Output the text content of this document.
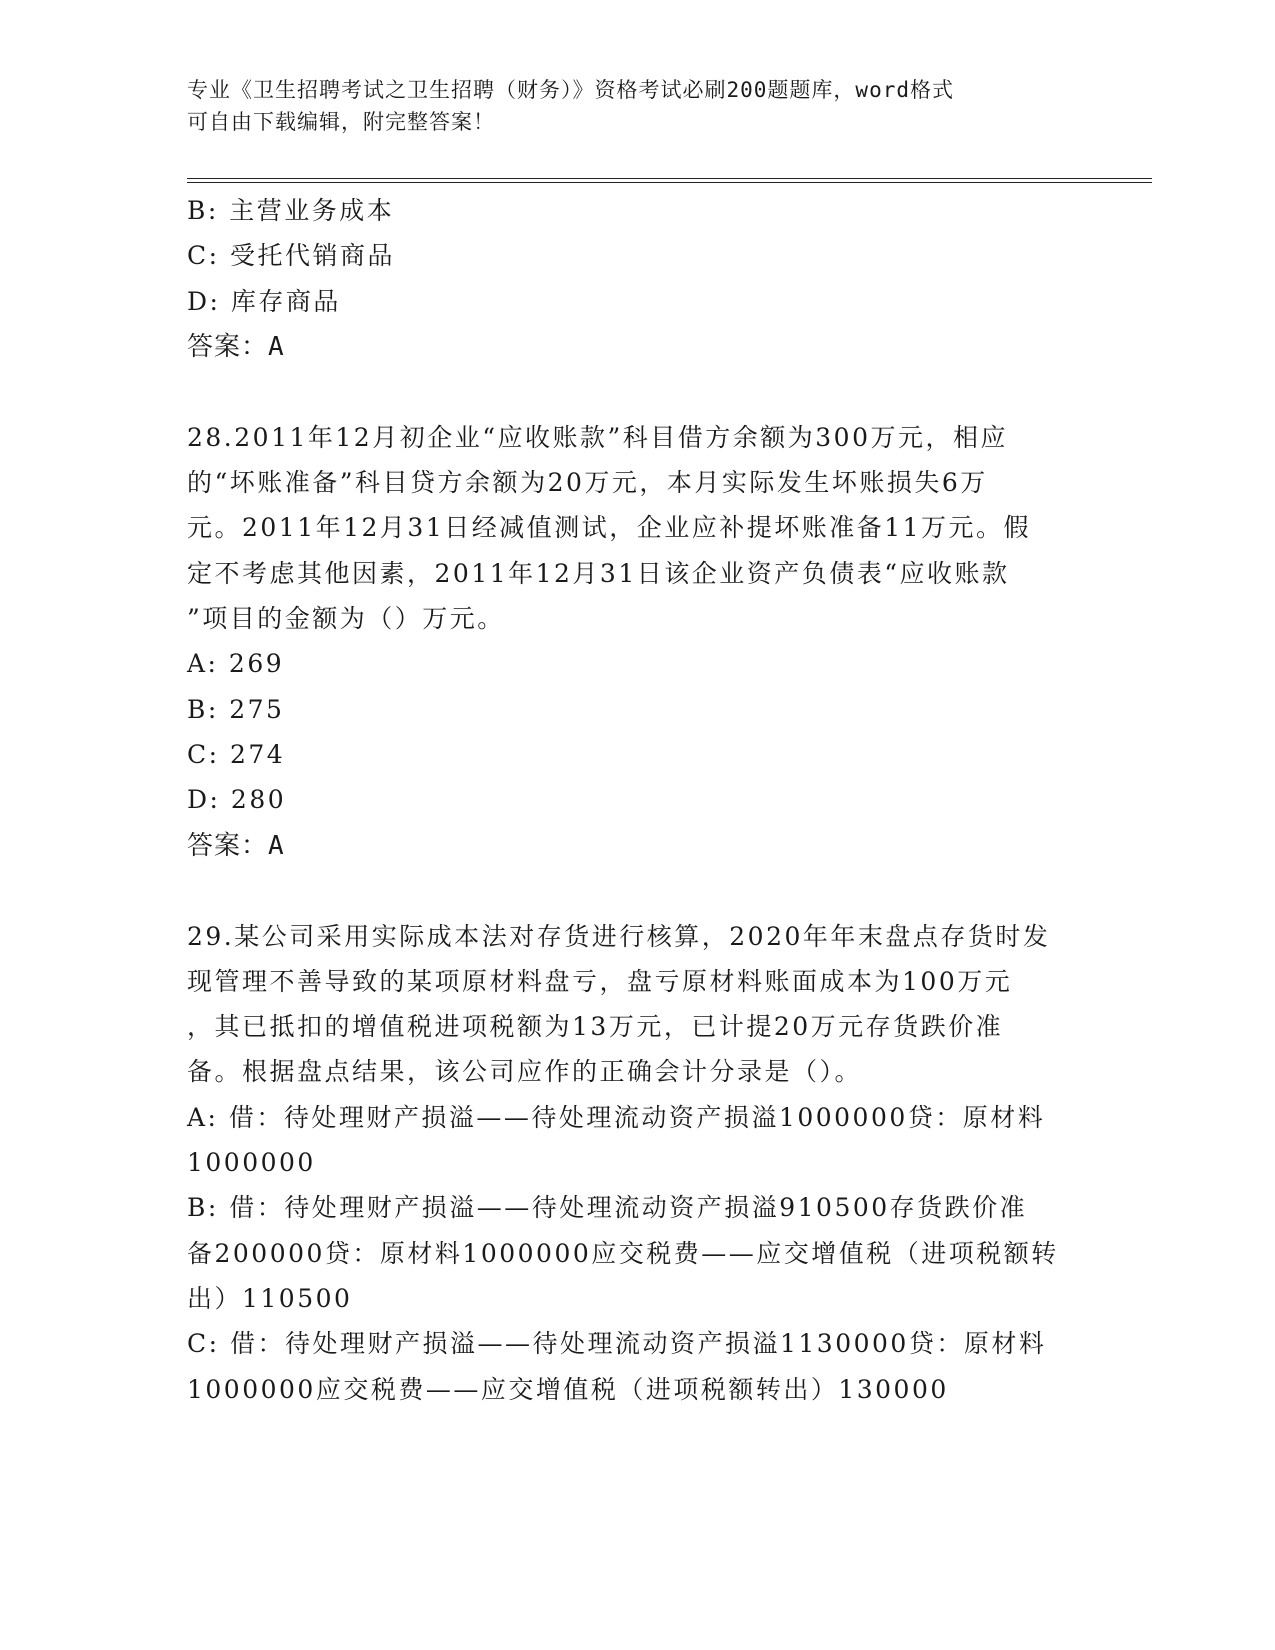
专业《卫生招聘考试之卫生招聘（财务）》资格考试必刷200题题库，word格式
可自由下载编辑，附完整答案！
B: 主营业务成本
C: 受托代销商品
D: 库存商品
答案：A
28.2011年12月初企业“应收账款”科目借方余额为300万元，相应
的“坏账准备”科目贷方余额为20万元，本月实际发生坏账损失6万
元。2011年12月31日经减值测试，企业应补提坏账准备11万元。假
定不考虑其他因素，2011年12月31日该企业资产负债表“应收账款
”项目的金额为（）万元。
A: 269
B: 275
C: 274
D: 280
答案：A
29.某公司采用实际成本法对存货进行核算，2020年年末盘点存货时发
现管理不善导致的某项原材料盘亏，盘亏原材料账面成本为100万元
，其已抵扣的增值税进项税额为13万元，已计提20万元存货跌价准
备。根据盘点结果，该公司应作的正确会计分录是（）。
A: 借：待处理财产损溢——待处理流动资产损溢1000000贷：原材料
1000000
B: 借：待处理财产损溢——待处理流动资产损溢910500存货跌价准
备200000贷：原材料1000000应交税费——应交增值税（进项税额转
出）110500
C: 借：待处理财产损溢——待处理流动资产损溢1130000贷：原材料
1000000应交税费——应交增值税（进项税额转出）130000
